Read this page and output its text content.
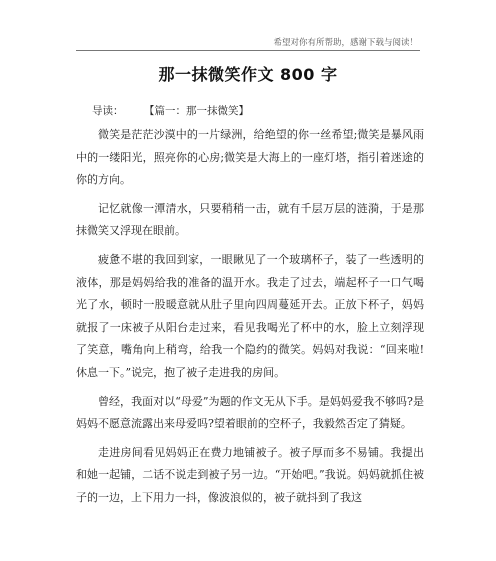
希望对你有所帮助，感谢下载与阅读！
那一抹微笑作文 800 字
导读： 【篇一：那一抹微笑】

微笑是茫茫沙漠中的一片绿洲，给绝望的你一丝希望;微笑是暴风雨中的一缕阳光，照亮你的心房;微笑是大海上的一座灯塔，指引着迷途的你的方向。

记忆就像一潭清水，只要稍稍一击，就有千层万层的涟漪，于是那抹微笑又浮现在眼前。

疲惫不堪的我回到家，一眼瞅见了一个玻璃杯子，装了一些透明的液体，那是妈妈给我的准备的温开水。我走了过去，端起杯子一口气喝光了水，顿时一股暖意就从肚子里向四周蔓延开去。正放下杯子，妈妈就报了一床被子从阳台走过来，看见我喝光了杯中的水，脸上立刻浮现了笑意，嘴角向上稍弯，给我一个隐约的微笑。妈妈对我说：“回来啦!休息一下。”说完，抱了被子走进我的房间。

曾经，我面对以“母爱”为题的作文无从下手。是妈妈爱我不够吗?是妈妈不愿意流露出来母爱吗?望着眼前的空杯子，我毅然否定了猜疑。

走进房间看见妈妈正在费力地铺被子。被子厚而多不易铺。我提出和她一起铺，二话不说走到被子另一边。“开始吧。”我说。妈妈就抓住被子的一边，上下用力一抖，像波浪似的，被子就抖到了我这
